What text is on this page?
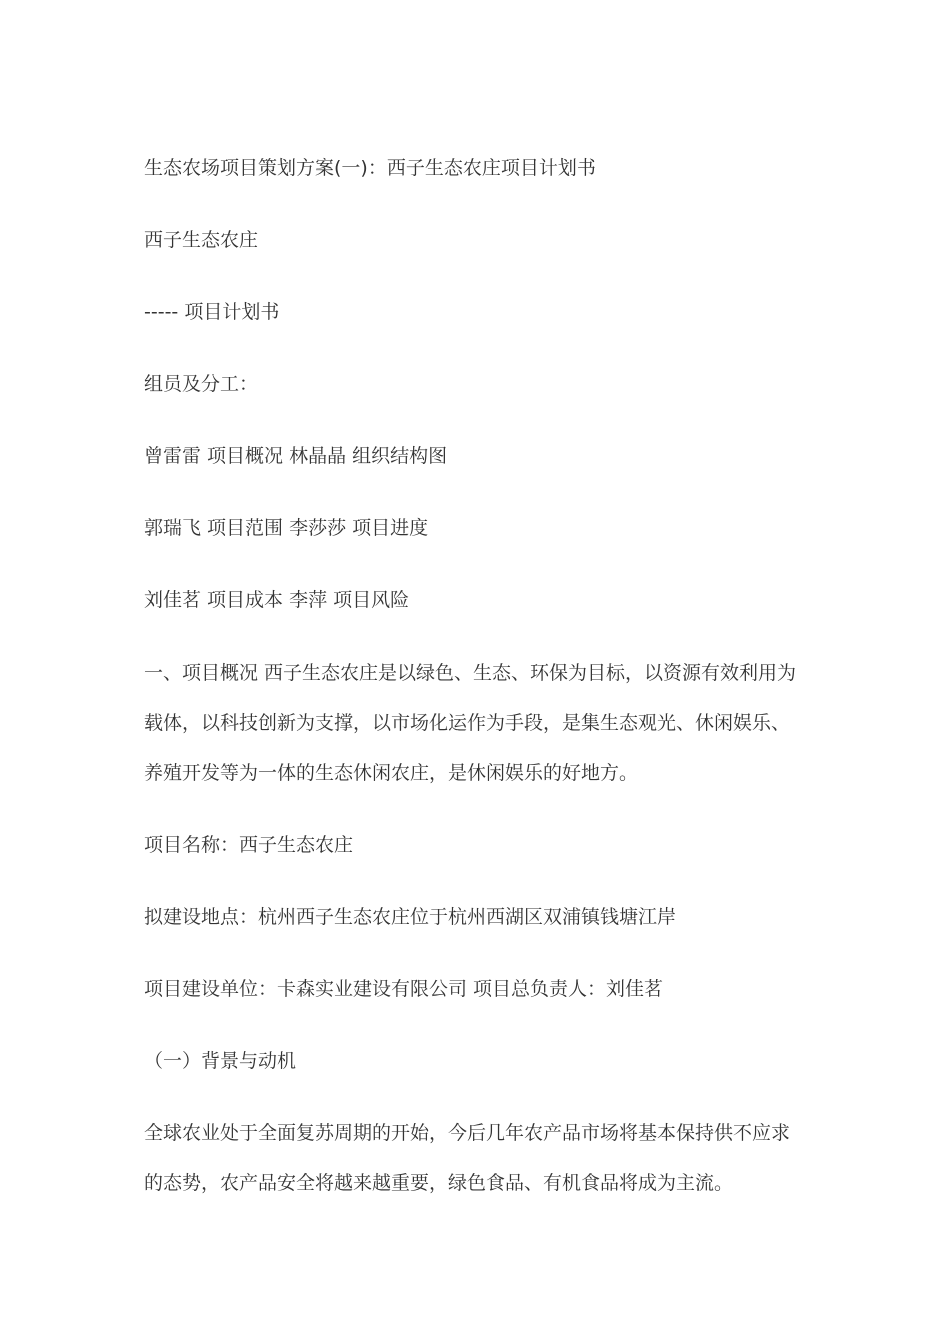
生态农场项目策划方案(一)：西子生态农庄项目计划书
西子生态农庄
----- 项目计划书
组员及分工：
曾雷雷 项目概况 林晶晶 组织结构图
郭瑞飞 项目范围 李莎莎 项目进度
刘佳茗 项目成本 李萍 项目风险
一、项目概况 西子生态农庄是以绿色、生态、环保为目标，以资源有效利用为
载体，以科技创新为支撑，以市场化运作为手段，是集生态观光、休闲娱乐、
养殖开发等为一体的生态休闲农庄，是休闲娱乐的好地方。
项目名称：西子生态农庄
拟建设地点：杭州西子生态农庄位于杭州西湖区双浦镇钱塘江岸
项目建设单位：卡森实业建设有限公司 项目总负责人：刘佳茗
（一）背景与动机
全球农业处于全面复苏周期的开始，今后几年农产品市场将基本保持供不应求
的态势，农产品安全将越来越重要，绿色食品、有机食品将成为主流。
